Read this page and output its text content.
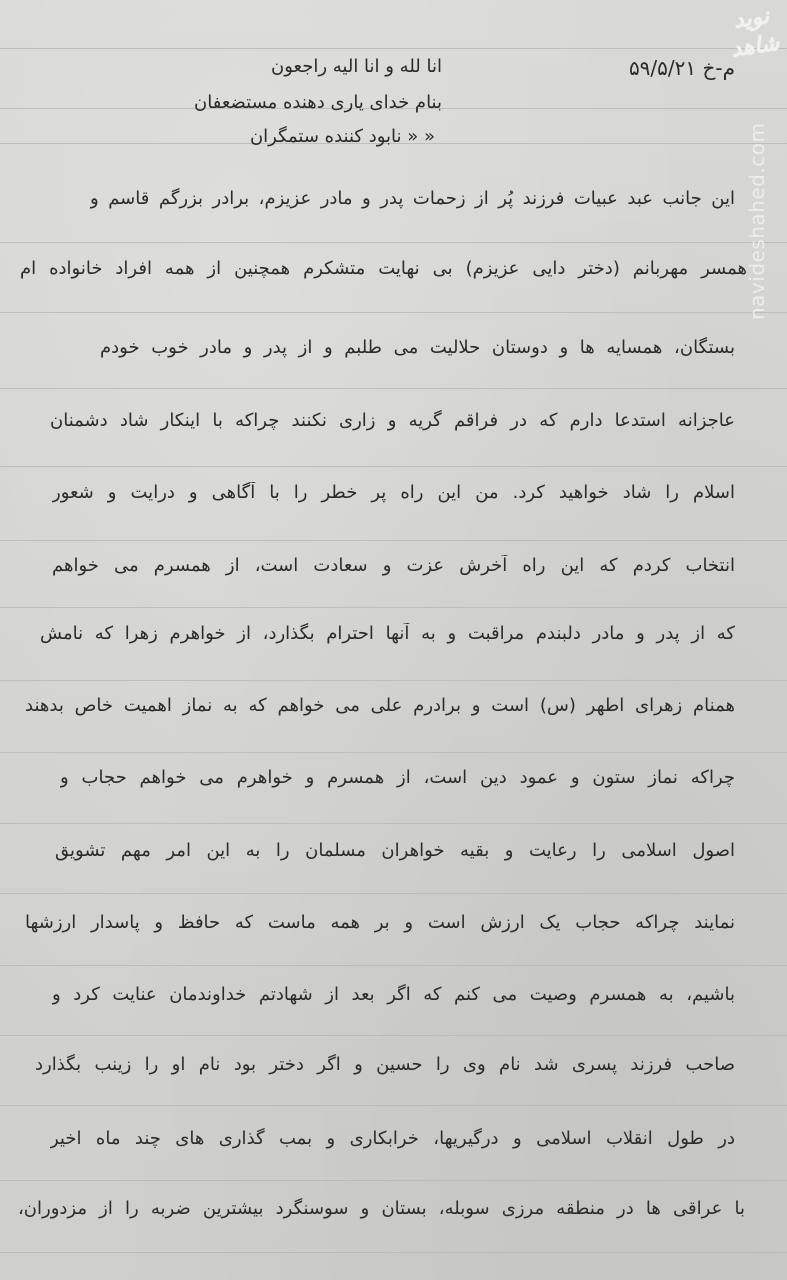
نوید شاهد
navideshahed.com
م-خ ۵۹/۵/۲۱
انا لله و انا الیه راجعون
بنام خدای یاری دهنده مستضعفان
« « نابود کننده ستمگران
این جانب عبد عبیات فرزند پُر از زحمات پدر و مادر عزیزم، برادر بزرگم قاسم و
همسر مهربانم (دختر دایی عزیزم) بی نهایت متشکرم همچنین از همه افراد خانواده ام
بستگان، همسایه ها و دوستان حلالیت می طلبم و از پدر و مادر خوب خودم
عاجزانه استدعا دارم که در فراقم گریه و زاری نکنند چراکه با اینکار شاد دشمنان
اسلام را شاد خواهید کرد. من این راه پر خطر را با آگاهی و درایت و شعور
انتخاب کردم که این راه آخرش عزت و سعادت است، از همسرم می خواهم
که از پدر و مادر دلبندم مراقبت و به آنها احترام بگذارد، از خواهرم زهرا که نامش
همنام زهرای اطهر (س) است و برادرم علی می خواهم که به نماز اهمیت خاص بدهند
چراکه نماز ستون و عمود دین است، از همسرم و خواهرم می خواهم حجاب و
اصول اسلامی را رعایت و بقیه خواهران مسلمان را به این امر مهم تشویق
نمایند چراکه حجاب یک ارزش است و بر همه ماست که حافظ و پاسدار ارزشها
باشیم، به همسرم وصیت می کنم که اگر بعد از شهادتم خداوندمان عنایت کرد و
صاحب فرزند پسری شد نام وی را حسین و اگر دختر بود نام او را زینب بگذارد
در طول انقلاب اسلامی و درگیریها، خرابکاری و بمب گذاری های چند ماه اخیر
با عراقی ها در منطقه مرزی سوبله، بستان و سوسنگرد بیشترین ضربه را از مزدوران،
